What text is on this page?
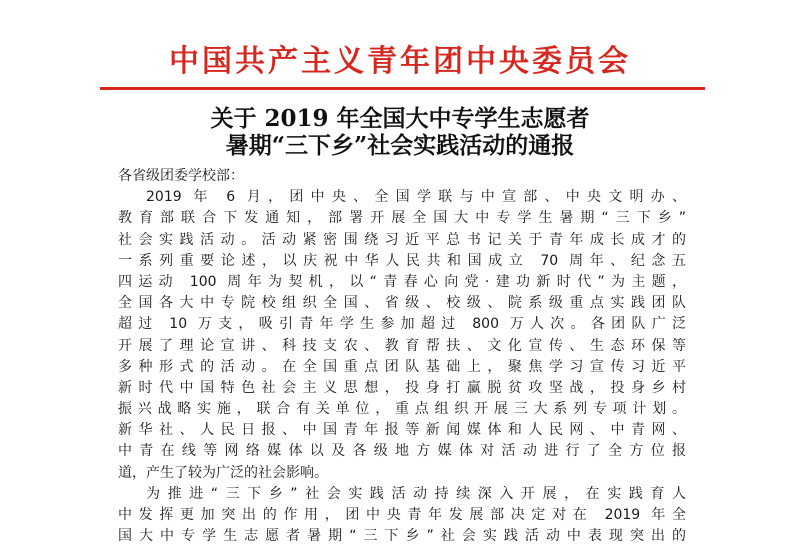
中国共产主义青年团中央委员会
关于 2019 年全国大中专学生志愿者
暑期“三下乡”社会实践活动的通报
各省级团委学校部：
2019 年 6 月，团中央、全国学联与中宣部、中央文明办、
教育部联合下发通知，部署开展全国大中专学生暑期“三下乡”
社会实践活动。活动紧密围绕习近平总书记关于青年成长成才的
一系列重要论述，以庆祝中华人民共和国成立 70 周年、纪念五
四运动 100 周年为契机，以“青春心向党·建功新时代”为主题，
全国各大中专院校组织全国、省级、校级、院系级重点实践团队
超过 10 万支，吸引青年学生参加超过 800 万人次。各团队广泛
开展了理论宣讲、科技支农、教育帮扶、文化宣传、生态环保等
多种形式的活动。在全国重点团队基础上，聚焦学习宣传习近平
新时代中国特色社会主义思想，投身打赢脱贫攻坚战，投身乡村
振兴战略实施，联合有关单位，重点组织开展三大系列专项计划。
新华社、人民日报、中国青年报等新闻媒体和人民网、中青网、
中青在线等网络媒体以及各级地方媒体对活动进行了全方位报
道，产生了较为广泛的社会影响。
为推进“三下乡”社会实践活动持续深入开展，在实践育人
中发挥更加突出的作用，团中央青年发展部决定对在 2019 年全
国大中专学生志愿者暑期“三下乡”社会实践活动中表现突出的
